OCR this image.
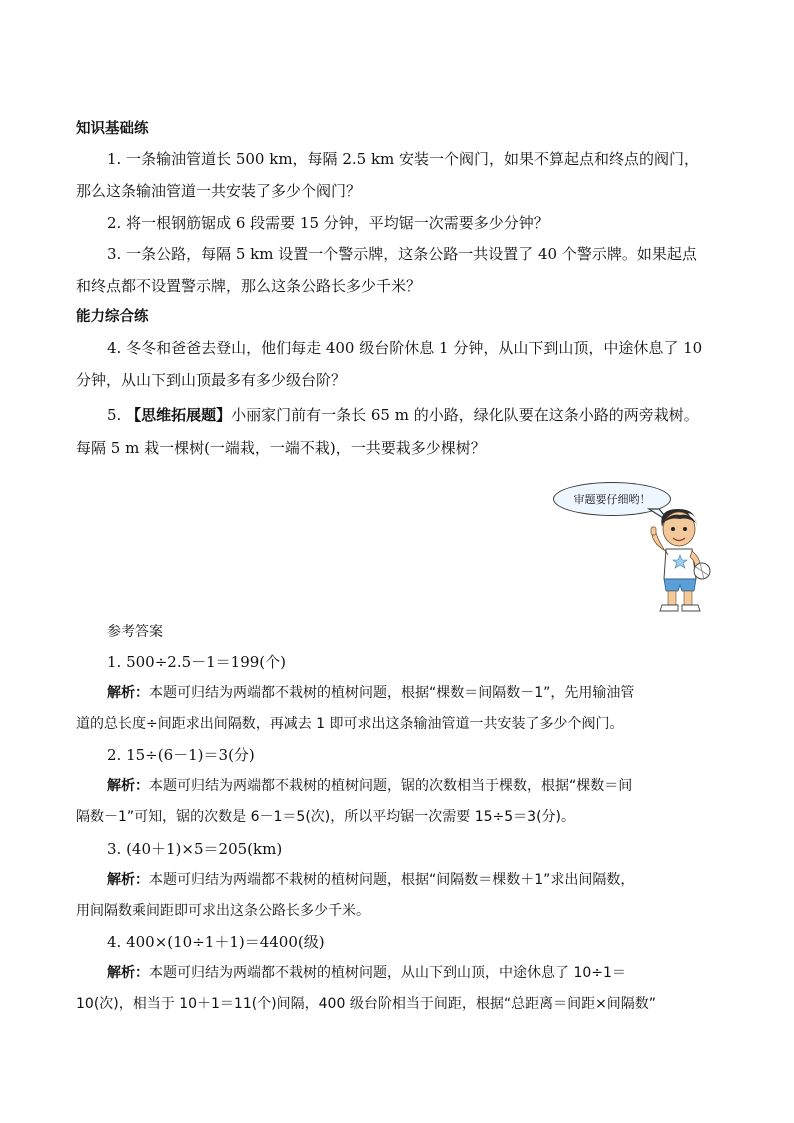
知识基础练
1. 一条输油管道长 500 km，每隔 2.5 km 安装一个阀门，如果不算起点和终点的阀门，
那么这条输油管道一共安装了多少个阀门？
2. 将一根钢筋锯成 6 段需要 15 分钟，平均锯一次需要多少分钟？
3. 一条公路，每隔 5 km 设置一个警示牌，这条公路一共设置了 40 个警示牌。如果起点
和终点都不设置警示牌，那么这条公路长多少千米？
能力综合练
4. 冬冬和爸爸去登山，他们每走 400 级台阶休息 1 分钟，从山下到山顶，中途休息了 10
分钟，从山下到山顶最多有多少级台阶？
5. 【思维拓展题】小丽家门前有一条长 65 m 的小路，绿化队要在这条小路的两旁栽树。
每隔 5 m 栽一棵树(一端栽，一端不栽)，一共要栽多少棵树？
审题要仔细哟！
参考答案
1. 500÷2.5－1＝199(个)
解析：本题可归结为两端都不栽树的植树问题，根据“棵数＝间隔数－1”，先用输油管
道的总长度÷间距求出间隔数，再减去 1 即可求出这条输油管道一共安装了多少个阀门。
2. 15÷(6－1)＝3(分)
解析：本题可归结为两端都不栽树的植树问题，锯的次数相当于棵数，根据“棵数＝间
隔数－1”可知，锯的次数是 6－1＝5(次)，所以平均锯一次需要 15÷5＝3(分)。
3. (40＋1)×5＝205(km)
解析：本题可归结为两端都不栽树的植树问题，根据“间隔数＝棵数＋1”求出间隔数，
用间隔数乘间距即可求出这条公路长多少千米。
4. 400×(10÷1＋1)＝4400(级)
解析：本题可归结为两端都不栽树的植树问题，从山下到山顶，中途休息了 10÷1＝
10(次)，相当于 10＋1＝11(个)间隔，400 级台阶相当于间距，根据“总距离＝间距×间隔数”
